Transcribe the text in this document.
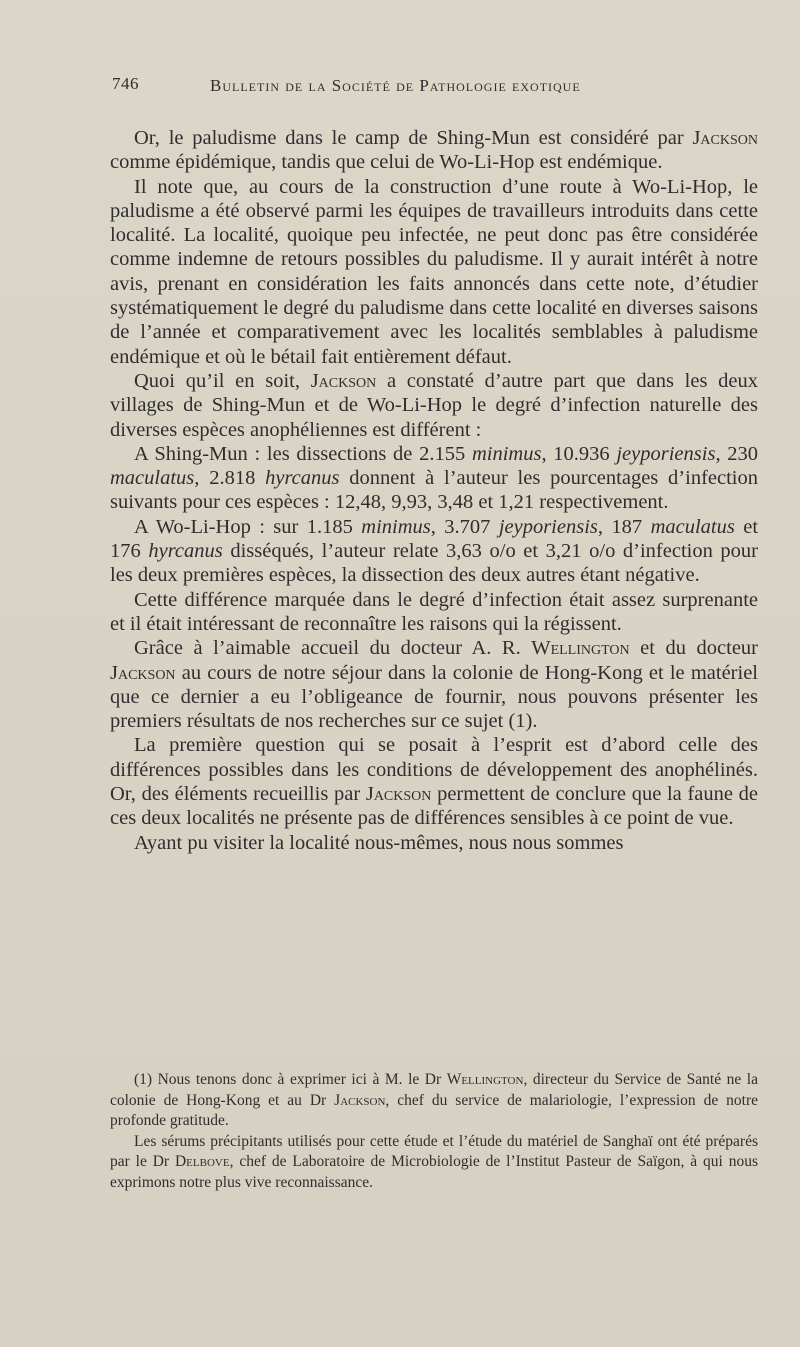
746	Bulletin de la Société de Pathologie exotique

Or, le paludisme dans le camp de Shing-Mun est considéré par Jackson comme épidémique, tandis que celui de Wo-Li-Hop est endémique.

Il note que, au cours de la construction d’une route à Wo-Li-Hop, le paludisme a été observé parmi les équipes de travailleurs introduits dans cette localité. La localité, quoique peu infectée, ne peut donc pas être considérée comme indemne de retours possibles du paludisme. Il y aurait intérêt à notre avis, prenant en considération les faits annoncés dans cette note, d’étudier systématiquement le degré du paludisme dans cette localité en diverses saisons de l’année et comparativement avec les localités semblables à paludisme endémique et où le bétail fait entièrement défaut.

Quoi qu’il en soit, Jackson a constaté d’autre part que dans les deux villages de Shing-Mun et de Wo-Li-Hop le degré d’infection naturelle des diverses espèces anophéliennes est différent :

A Shing-Mun : les dissections de 2.155 minimus, 10.936 jeyporiensis, 230 maculatus, 2.818 hyrcanus donnent à l’auteur les pourcentages d’infection suivants pour ces espèces : 12,48, 9,93, 3,48 et 1,21 respectivement.

A Wo-Li-Hop : sur 1.185 minimus, 3.707 jeyporiensis, 187 maculatus et 176 hyrcanus disséqués, l’auteur relate 3,63 o/o et 3,21 o/o d’infection pour les deux premières espèces, la dissection des deux autres étant négative.

Cette différence marquée dans le degré d’infection était assez surprenante et il était intéressant de reconnaître les raisons qui la régissent.

Grâce à l’aimable accueil du docteur A. R. Wellington et du docteur Jackson au cours de notre séjour dans la colonie de Hong-Kong et le matériel que ce dernier a eu l’obligeance de fournir, nous pouvons présenter les premiers résultats de nos recherches sur ce sujet (1).

La première question qui se posait à l’esprit est d’abord celle des différences possibles dans les conditions de développement des anophélinés. Or, des éléments recueillis par Jackson permettent de conclure que la faune de ces deux localités ne présente pas de différences sensibles à ce point de vue.

Ayant pu visiter la localité nous-mêmes, nous nous sommes

(1) Nous tenons donc à exprimer ici à M. le Dr Wellington, directeur du Service de Santé ne la colonie de Hong-Kong et au Dr Jackson, chef du service de malariologie, l’expression de notre profonde gratitude.

Les sérums précipitants utilisés pour cette étude et l’étude du matériel de Sanghaï ont été préparés par le Dr Delbove, chef de Laboratoire de Microbiologie de l’Institut Pasteur de Saïgon, à qui nous exprimons notre plus vive reconnaissance.
